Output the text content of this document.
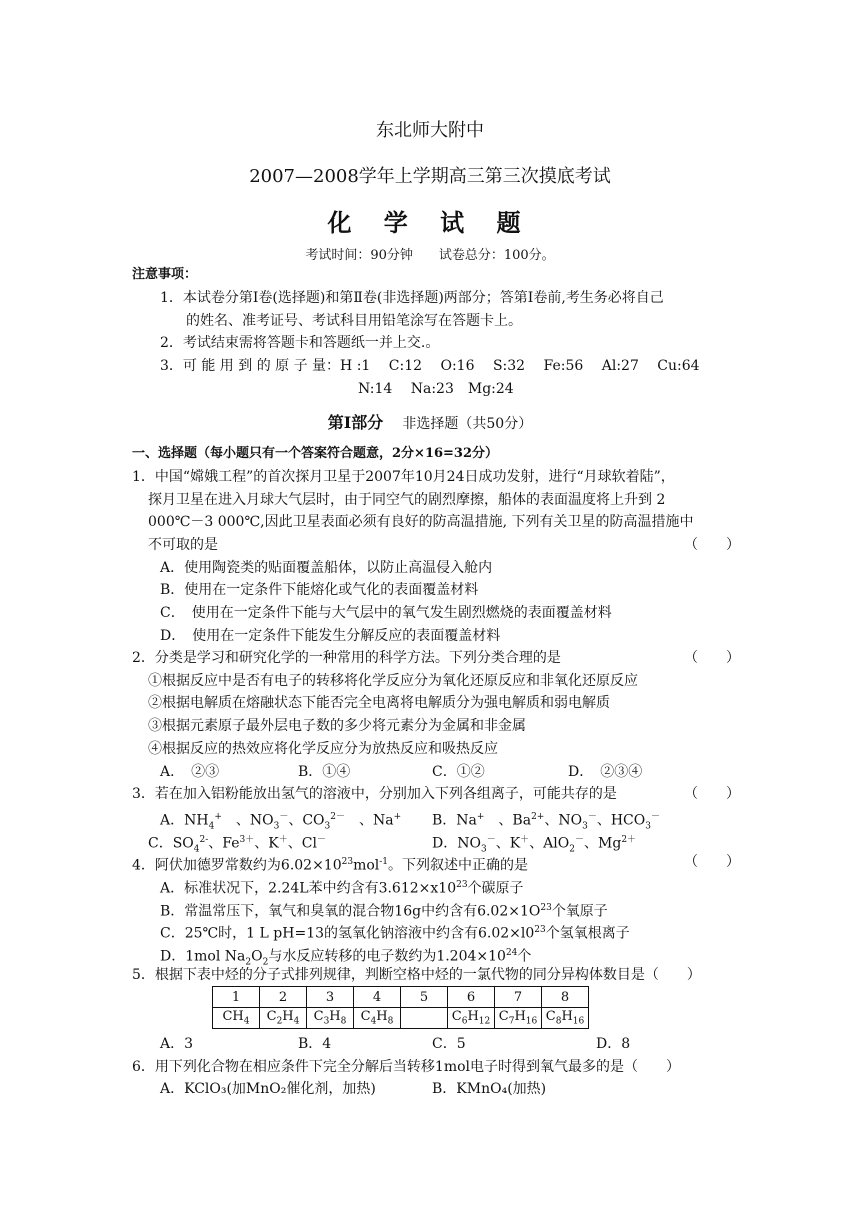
东北师大附中
2007—2008学年上学期高三第三次摸底考试
化 学 试 题
考试时间：90分钟　　试卷总分：100分。
注意事项：
1．本试卷分第Ⅰ卷(选择题)和第Ⅱ卷(非选择题)两部分；答第Ⅰ卷前,考生务必将自己
的姓名、准考证号、考试科目用铅笔涂写在答题卡上。
2．考试结束需将答题卡和答题纸一并上交.。
3．可 能 用 到 的 原 子 量：H :1　 C:12　 O:16　 S:32　 Fe:56　 Al:27　 Cu:64
N:14　 Na:23　Mg:24
第Ⅰ部分 非选择题（共50分）
一、选择题（每小题只有一个答案符合题意，2分×16=32分）
1．中国“嫦娥工程”的首次探月卫星于2007年10月24日成功发射，进行“月球软着陆”，
探月卫星在进入月球大气层时，由于同空气的剧烈摩擦，船体的表面温度将上升到 2
000℃－3 000℃,因此卫星表面必须有良好的防高温措施, 下列有关卫星的防高温措施中
不可取的是	（　　）
A．使用陶瓷类的贴面覆盖船体，以防止高温侵入舱内
B．使用在一定条件下能熔化或气化的表面覆盖材料
C．　使用在一定条件下能与大气层中的氧气发生剧烈燃烧的表面覆盖材料
D．　使用在一定条件下能发生分解反应的表面覆盖材料
2．分类是学习和研究化学的一种常用的科学方法。下列分类合理的是	（　　）
①根据反应中是否有电子的转移将化学反应分为氧化还原反应和非氧化还原反应
②根据电解质在熔融状态下能否完全电离将电解质分为强电解质和弱电解质
③根据元素原子最外层电子数的多少将元素分为金属和非金属
④根据反应的热效应将化学反应分为放热反应和吸热反应
A．　②③	B．①④	C．①②	D．　②③④
3．若在加入铝粉能放出氢气的溶液中，分别加入下列各组离子，可能共存的是	（　　）
A．$NH_4^+$　、$NO_3^-$、$CO_3^{2-}$　、Na+ B．Na+　、$Ba^{2+}$、$NO_3^-$、$HCO_3^-$
C．$SO_4^{2-}$、$Fe^{3+}$、K＋、Cl－	D．$NO_3^-$、K＋、AlO$_2$－、$Mg^{2+}$
4．阿伏加德罗常数约为$6.02\times 10^{23}mol^{-1}$。下列叙述中正确的是	（　　）
A．标准状况下，2.24L苯中约含有$3.612\times x10^{23}$个碳原子
B．常温常压下，氧气和臭氧的混合物16g中约含有$6.02\times 1O^{23}$个氧原子
C．25℃时，1 L pH=13的氢氧化钠溶液中约含有$6.02\times l0^{23}$个氢氧根离子
D．1mol $Na_2O_2$与水反应转移的电子数约为$1.204\times 10^{24}$个
5．根据下表中烃的分子式排列规律，判断空格中烃的一氯代物的同分异构体数目是（　　）
1	2	3	4	5	6	7	8
$CH_4$	$C_2H_4$	$C_3H_8$	$C_4H_8$		$C_6H_{12}$	$C_7H_{16}$	$C_8H_{16}$
A．3	B．4	C．5	D．8
6．用下列化合物在相应条件下完全分解后当转移1mol电子时得到氧气最多的是（　　）
A．KClO₃(加MnO₂催化剂，加热)	B．KMnO₄(加热)
